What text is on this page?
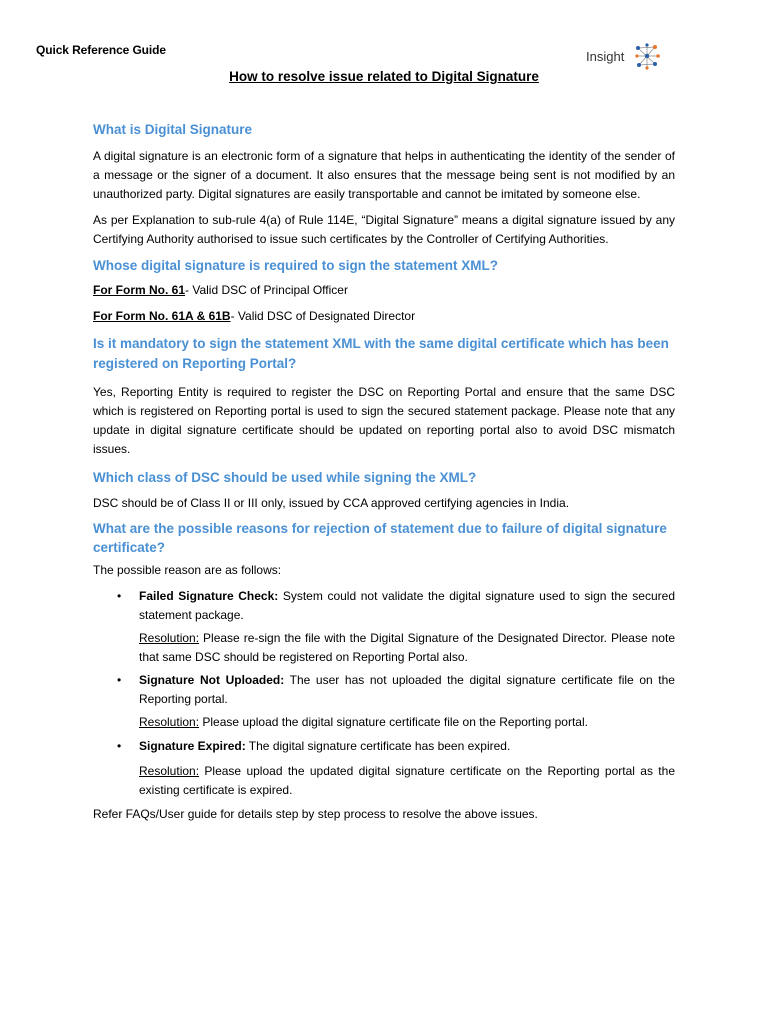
Quick Reference Guide	Insight
How to resolve issue related to Digital Signature
What is Digital Signature

A digital signature is an electronic form of a signature that helps in authenticating the identity of the sender of a message or the signer of a document. It also ensures that the message being sent is not modified by an unauthorized party. Digital signatures are easily transportable and cannot be imitated by someone else.

As per Explanation to sub-rule 4(a) of Rule 114E, “Digital Signature” means a digital signature issued by any Certifying Authority authorised to issue such certificates by the Controller of Certifying Authorities.

Whose digital signature is required to sign the statement XML?

For Form No. 61- Valid DSC of Principal Officer

For Form No. 61A & 61B- Valid DSC of Designated Director

Is it mandatory to sign the statement XML with the same digital certificate which has been registered on Reporting Portal?

Yes, Reporting Entity is required to register the DSC on Reporting Portal and ensure that the same DSC which is registered on Reporting portal is used to sign the secured statement package. Please note that any update in digital signature certificate should be updated on reporting portal also to avoid DSC mismatch issues.

Which class of DSC should be used while signing the XML?

DSC should be of Class II or III only, issued by CCA approved certifying agencies in India.

What are the possible reasons for rejection of statement due to failure of digital signature certificate?

The possible reason are as follows:

• Failed Signature Check: System could not validate the digital signature used to sign the secured statement package.

Resolution: Please re-sign the file with the Digital Signature of the Designated Director. Please note that same DSC should be registered on Reporting Portal also.

• Signature Not Uploaded: The user has not uploaded the digital signature certificate file on the Reporting portal.

Resolution: Please upload the digital signature certificate file on the Reporting portal.

• Signature Expired: The digital signature certificate has been expired.

Resolution: Please upload the updated digital signature certificate on the Reporting portal as the existing certificate is expired.

Refer FAQs/User guide for details step by step process to resolve the above issues.
